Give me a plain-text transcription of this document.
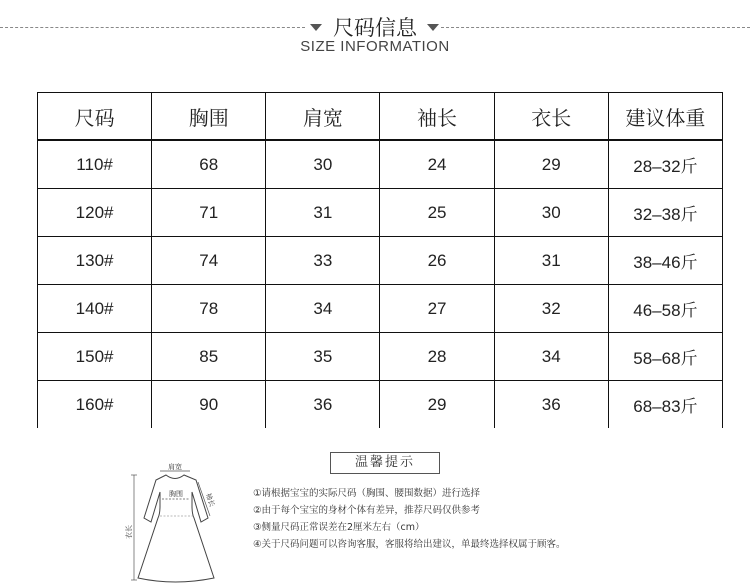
尺码信息
SIZE INFORMATION
尺码	胸围	肩宽	袖长	衣长	建议体重
110#	68	30	24	29	28–32斤
120#	71	31	25	30	32–38斤
130#	74	33	26	31	38–46斤
140#	78	34	27	32	46–58斤
150#	85	35	28	34	58–68斤
160#	90	36	29	36	68–83斤
肩宽
胸围	袖长
衣长
温馨提示
①请根据宝宝的实际尺码（胸围、腰围数据）进行选择
②由于每个宝宝的身材个体有差异，推荐尺码仅供参考
③侧量尺码正常误差在2厘米左右（cm）
④关于尺码问题可以咨询客服，客服将给出建议，单最终选择权属于顾客。
